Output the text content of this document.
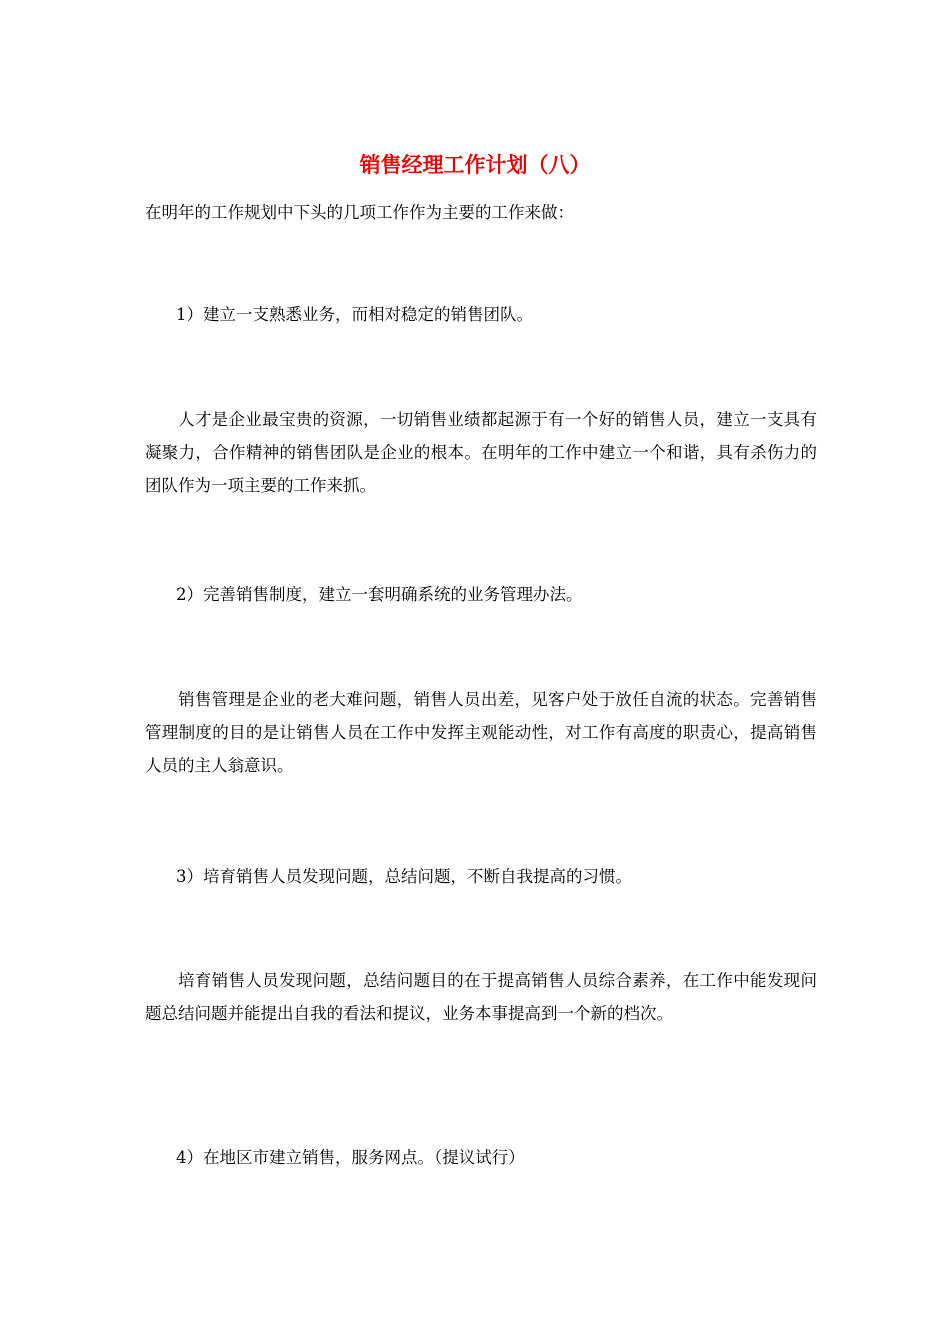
销售经理工作计划（八）

在明年的工作规划中下头的几项工作作为主要的工作来做：

1）建立一支熟悉业务，而相对稳定的销售团队。

人才是企业最宝贵的资源，一切销售业绩都起源于有一个好的销售人员，建立一支具有凝聚力，合作精神的销售团队是企业的根本。在明年的工作中建立一个和谐，具有杀伤力的团队作为一项主要的工作来抓。

2）完善销售制度，建立一套明确系统的业务管理办法。

销售管理是企业的老大难问题，销售人员出差，见客户处于放任自流的状态。完善销售管理制度的目的是让销售人员在工作中发挥主观能动性，对工作有高度的职责心，提高销售人员的主人翁意识。

3）培育销售人员发现问题，总结问题，不断自我提高的习惯。

培育销售人员发现问题，总结问题目的在于提高销售人员综合素养，在工作中能发现问题总结问题并能提出自我的看法和提议，业务本事提高到一个新的档次。

4）在地区市建立销售，服务网点。（提议试行）
